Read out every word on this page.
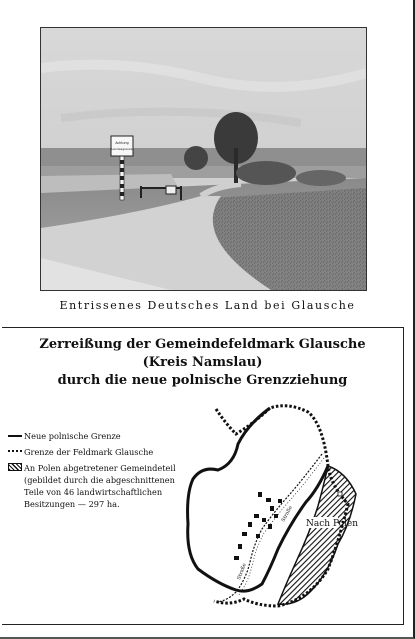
Achtung
Landesgrenze
Entrissenes Deutsches Land bei Glausche
Zerreißung der Gemeindefeldmark Glausche
(Kreis Namslau)
durch die neue polnische Grenzziehung
Neue polnische Grenze
Grenze der Feldmark Glausche
An Polen abgetretener Gemeindeteil (gebildet durch die abgeschnittenen Teile von 46 landwirtschaftlichen Besitzungen — 297 ha.
Straße
Straße
Nach Polen
